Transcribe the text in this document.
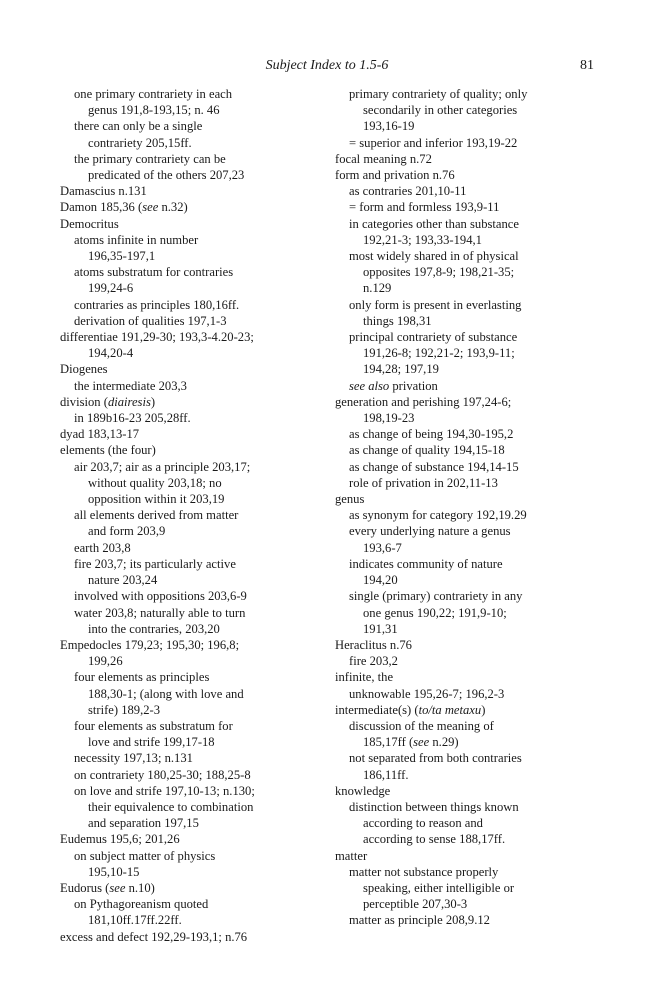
Subject Index to 1.5-6	81
one primary contrariety in each
genus 191,8-193,15; n. 46
there can only be a single
contrariety 205,15ff.
the primary contrariety can be
predicated of the others 207,23
Damascius n.131
Damon 185,36 (see n.32)
Democritus
atoms infinite in number
196,35-197,1
atoms substratum for contraries
199,24-6
contraries as principles 180,16ff.
derivation of qualities 197,1-3
differentiae 191,29-30; 193,3-4.20-23;
194,20-4
Diogenes
the intermediate 203,3
division (diairesis)
in 189b16-23 205,28ff.
dyad 183,13-17
elements (the four)
air 203,7; air as a principle 203,17;
without quality 203,18; no
opposition within it 203,19
all elements derived from matter
and form 203,9
earth 203,8
fire 203,7; its particularly active
nature 203,24
involved with oppositions 203,6-9
water 203,8; naturally able to turn
into the contraries, 203,20
Empedocles 179,23; 195,30; 196,8;
199,26
four elements as principles
188,30-1; (along with love and
strife) 189,2-3
four elements as substratum for
love and strife 199,17-18
necessity 197,13; n.131
on contrariety 180,25-30; 188,25-8
on love and strife 197,10-13; n.130;
their equivalence to combination
and separation 197,15
Eudemus 195,6; 201,26
on subject matter of physics
195,10-15
Eudorus (see n.10)
on Pythagoreanism quoted
181,10ff.17ff.22ff.
excess and defect 192,29-193,1; n.76
primary contrariety of quality; only
secondarily in other categories
193,16-19
= superior and inferior 193,19-22
focal meaning n.72
form and privation n.76
as contraries 201,10-11
= form and formless 193,9-11
in categories other than substance
192,21-3; 193,33-194,1
most widely shared in of physical
opposites 197,8-9; 198,21-35;
n.129
only form is present in everlasting
things 198,31
principal contrariety of substance
191,26-8; 192,21-2; 193,9-11;
194,28; 197,19
see also privation
generation and perishing 197,24-6;
198,19-23
as change of being 194,30-195,2
as change of quality 194,15-18
as change of substance 194,14-15
role of privation in 202,11-13
genus
as synonym for category 192,19.29
every underlying nature a genus
193,6-7
indicates community of nature
194,20
single (primary) contrariety in any
one genus 190,22; 191,9-10;
191,31
Heraclitus n.76
fire 203,2
infinite, the
unknowable 195,26-7; 196,2-3
intermediate(s) (to/ta metaxu)
discussion of the meaning of
185,17ff (see n.29)
not separated from both contraries
186,11ff.
knowledge
distinction between things known
according to reason and
according to sense 188,17ff.
matter
matter not substance properly
speaking, either intelligible or
perceptible 207,30-3
matter as principle 208,9.12
